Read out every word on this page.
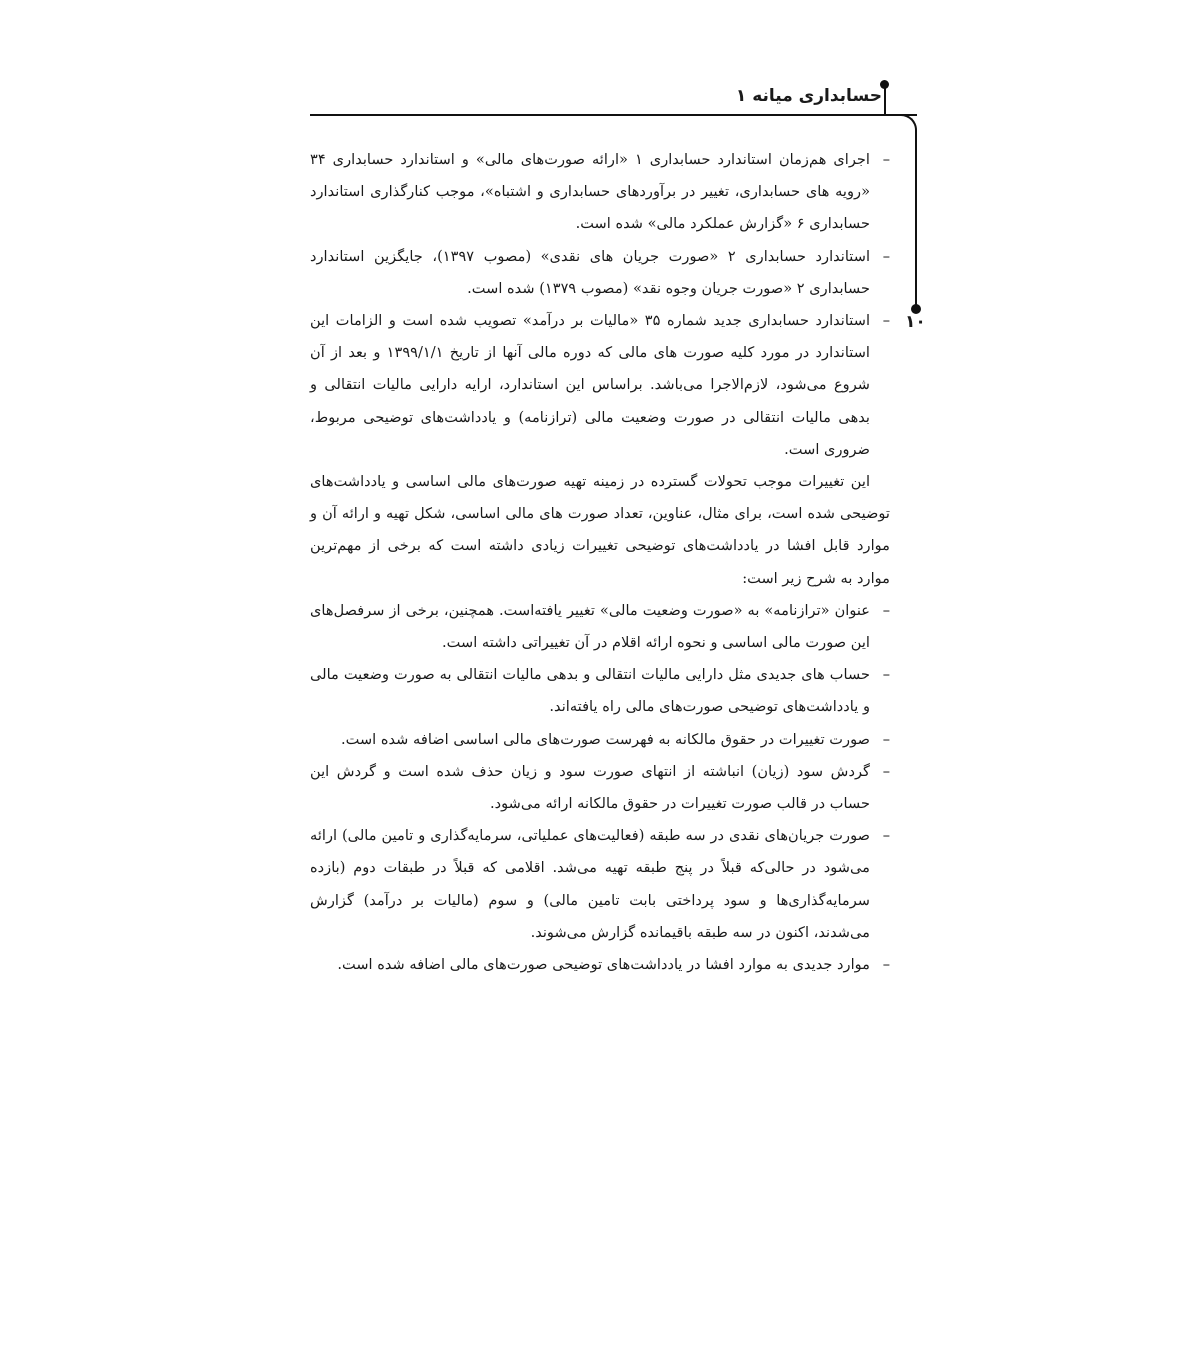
حسابداری میانه ۱
۱۰
– اجرای هم‌زمان استاندارد حسابداری ۱ «ارائه صورت‌های مالی» و استاندارد حسابداری ۳۴ «رویه های حسابداری، تغییر در برآوردهای حسابداری و اشتباه»، موجب کنارگذاری استاندارد حسابداری ۶ «گزارش عملکرد مالی» شده است.
– استاندارد حسابداری ۲ «صورت جریان های نقدی» (مصوب ۱۳۹۷)، جایگزین استاندارد حسابداری ۲ «صورت جریان وجوه نقد» (مصوب ۱۳۷۹) شده است.
– استاندارد حسابداری جدید شماره ۳۵ «مالیات بر درآمد» تصویب شده است و الزامات این استاندارد در مورد کلیه صورت های مالی که دوره مالی آنها از تاریخ ۱۳۹۹/۱/۱ و بعد از آن شروع می‌شود، لازم‌الاجرا می‌باشد. براساس این استاندارد، ارایه دارایی مالیات انتقالی و بدهی مالیات انتقالی در صورت وضعیت مالی (ترازنامه) و یادداشت‌های توضیحی مربوط، ضروری است.

این تغییرات موجب تحولات گسترده در زمینه تهیه صورت‌های مالی اساسی و یادداشت‌های توضیحی شده است، برای مثال، عناوین، تعداد صورت های مالی اساسی، شکل تهیه و ارائه آن و موارد قابل افشا در یادداشت‌های توضیحی تغییرات زیادی داشته است که برخی از مهم‌ترین موارد به شرح زیر است:

– عنوان «ترازنامه» به «صورت وضعیت مالی» تغییر یافته‌است. همچنین، برخی از سرفصل‌های این صورت مالی اساسی و نحوه ارائه اقلام در آن تغییراتی داشته است.
– حساب های جدیدی مثل دارایی مالیات انتقالی و بدهی مالیات انتقالی به صورت وضعیت مالی و یادداشت‌های توضیحی صورت‌های مالی راه یافته‌اند.
– صورت تغییرات در حقوق مالکانه به فهرست صورت‌های مالی اساسی اضافه شده است.
– گردش سود (زیان) انباشته از انتهای صورت سود و زیان حذف شده است و گردش این حساب در قالب صورت تغییرات در حقوق مالکانه ارائه می‌شود.
– صورت جریان‌های نقدی در سه طبقه (فعالیت‌های عملیاتی، سرمایه‌گذاری و تامین مالی) ارائه می‌شود در حالی‌که قبلاً در پنج طبقه تهیه می‌شد. اقلامی که قبلاً در طبقات دوم (بازده سرمایه‌گذاری‌ها و سود پرداختی بابت تامین مالی) و سوم (مالیات بر درآمد) گزارش می‌شدند، اکنون در سه طبقه باقیمانده گزارش می‌شوند.
– موارد جدیدی به موارد افشا در یادداشت‌های توضیحی صورت‌های مالی اضافه شده است.
